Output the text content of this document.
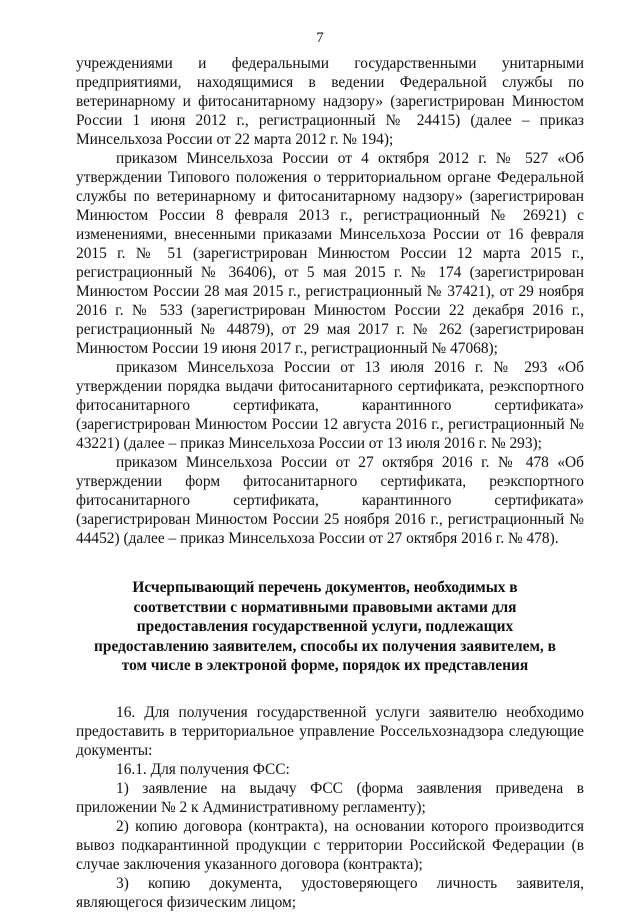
7

учреждениями и федеральными государственными унитарными предприятиями, находящимися в ведении Федеральной службы по ветеринарному и фитосанитарному надзору» (зарегистрирован Минюстом России 1 июня 2012 г., регистрационный № 24415) (далее – приказ Минсельхоза России от 22 марта 2012 г. № 194);

приказом Минсельхоза России от 4 октября 2012 г. № 527 «Об утверждении Типового положения о территориальном органе Федеральной службы по ветеринарному и фитосанитарному надзору» (зарегистрирован Минюстом России 8 февраля 2013 г., регистрационный № 26921) с изменениями, внесенными приказами Минсельхоза России от 16 февраля 2015 г. № 51 (зарегистрирован Минюстом России 12 марта 2015 г., регистрационный № 36406), от 5 мая 2015 г. № 174 (зарегистрирован Минюстом России 28 мая 2015 г., регистрационный № 37421), от 29 ноября 2016 г. № 533 (зарегистрирован Минюстом России 22 декабря 2016 г., регистрационный № 44879), от 29 мая 2017 г. № 262 (зарегистрирован Минюстом России 19 июня 2017 г., регистрационный № 47068);

приказом Минсельхоза России от 13 июля 2016 г. № 293 «Об утверждении порядка выдачи фитосанитарного сертификата, реэкспортного фитосанитарного сертификата, карантинного сертификата» (зарегистрирован Минюстом России 12 августа 2016 г., регистрационный № 43221) (далее – приказ Минсельхоза России от 13 июля 2016 г. № 293);

приказом Минсельхоза России от 27 октября 2016 г. № 478 «Об утверждении форм фитосанитарного сертификата, реэкспортного фитосанитарного сертификата, карантинного сертификата» (зарегистрирован Минюстом России 25 ноября 2016 г., регистрационный № 44452) (далее – приказ Минсельхоза России от 27 октября 2016 г. № 478).

Исчерпывающий перечень документов, необходимых в соответствии с нормативными правовыми актами для предоставления государственной услуги, подлежащих предоставлению заявителем, способы их получения заявителем, в том числе в электроной форме, порядок их представления

16. Для получения государственной услуги заявителю необходимо предоставить в территориальное управление Россельхознадзора следующие документы:

16.1. Для получения ФСС:

1) заявление на выдачу ФСС (форма заявления приведена в приложении № 2 к Административному регламенту);

2) копию договора (контракта), на основании которого производится вывоз подкарантинной продукции с территории Российской Федерации (в случае заключения указанного договора (контракта);

3) копию документа, удостоверяющего личность заявителя, являющегося физическим лицом;
